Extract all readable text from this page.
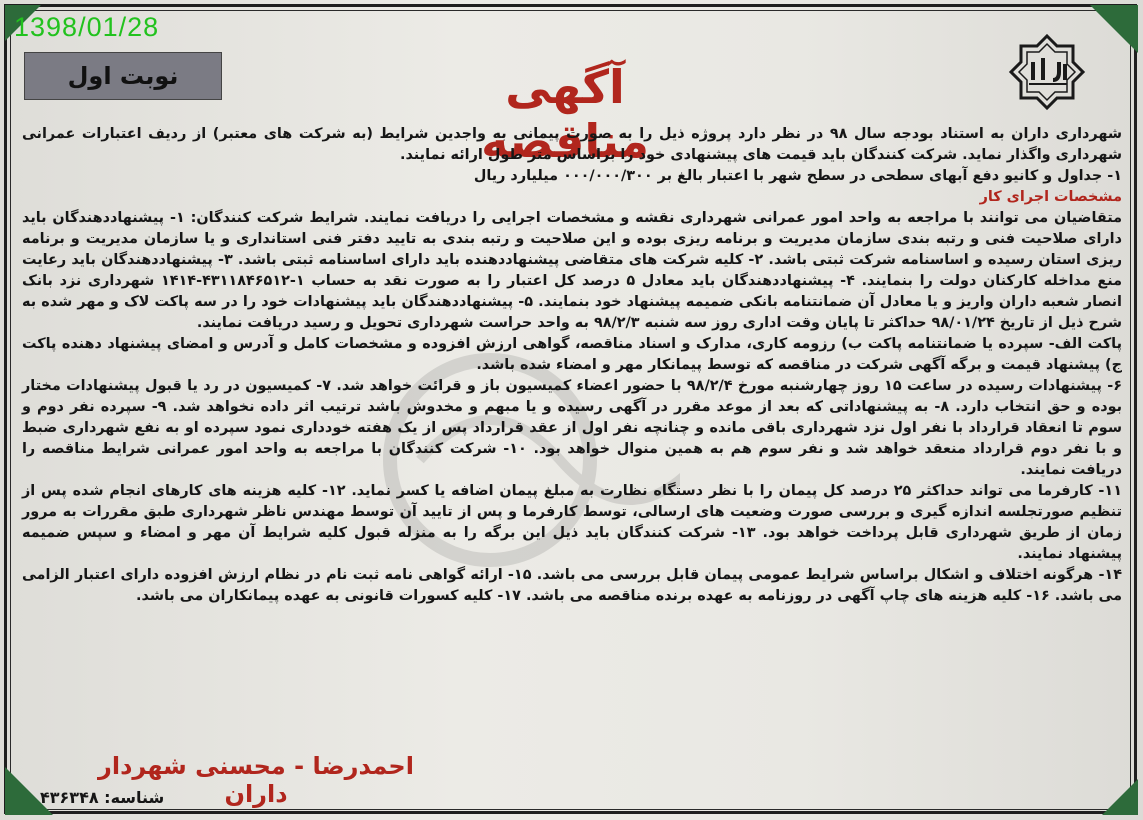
1398/01/28
نوبت اول	آگهی مناقصه

شهرداری داران به استناد بودجه سال ۹۸ در نظر دارد پروژه ذیل را به صورت پیمانی به واجدین شرایط (به شرکت های معتبر) از ردیف اعتبارات عمرانی شهرداری واگذار نماید. شرکت کنندگان باید قیمت های پیشنهادی خود را براساس متر طول ارائه نمایند.

۱- جداول و کانیو دفع آبهای سطحی در سطح شهر با اعتبار بالغ بر ۰۰۰/۰۰۰/۳۰۰ میلیارد ریال

مشخصات اجرای کار

متقاضیان می توانند با مراجعه به واحد امور عمرانی شهرداری نقشه و مشخصات اجرایی را دریافت نمایند. شرایط شرکت کنندگان: ۱- پیشنهاددهندگان باید دارای صلاحیت فنی و رتبه بندی سازمان مدیریت و برنامه ریزی بوده و این صلاحیت و رتبه بندی به تایید دفتر فنی استانداری و یا سازمان مدیریت و برنامه ریزی استان رسیده و اساسنامه شرکت ثبتی باشد. ۲- کلیه شرکت های متقاضی پیشنهاددهنده باید دارای اساسنامه ثبتی باشد. ۳- پیشنهاددهندگان باید رعایت منع مداخله کارکنان دولت را بنمایند. ۴- پیشنهاددهندگان باید معادل ۵ درصد کل اعتبار را به صورت نقد به حساب ۱-۴۳۱۱۸۴۶۵۱۲-۱۴۱۴ شهرداری نزد بانک انصار شعبه داران واریز و یا معادل آن ضمانتنامه بانکی ضمیمه پیشنهاد خود بنمایند. ۵- پیشنهاددهندگان باید پیشنهادات خود را در سه پاکت لاک و مهر شده به شرح ذیل از تاریخ ۹۸/۰۱/۲۴ حداکثر تا پایان وقت اداری روز سه شنبه ۹۸/۲/۳ به واحد حراست شهرداری تحویل و رسید دریافت نمایند.

پاکت الف- سپرده یا ضمانتنامه پاکت ب) رزومه کاری، مدارک و اسناد مناقصه، گواهی ارزش افزوده و مشخصات کامل و آدرس و امضای پیشنهاد دهنده پاکت ج) پیشنهاد قیمت و برگه آگهی شرکت در مناقصه که توسط پیمانکار مهر و امضاء شده باشد.

۶- پیشنهادات رسیده در ساعت ۱۵ روز چهارشنبه مورخ ۹۸/۲/۴ با حضور اعضاء کمیسیون باز و قرائت خواهد شد. ۷- کمیسیون در رد یا قبول پیشنهادات مختار بوده و حق انتخاب دارد. ۸- به پیشنهاداتی که بعد از موعد مقرر در آگهی رسیده و یا مبهم و مخدوش باشد ترتیب اثر داده نخواهد شد. ۹- سپرده نفر دوم و سوم تا انعقاد قرارداد با نفر اول نزد شهرداری باقی مانده و چنانچه نفر اول از عقد قرارداد پس از یک هفته خودداری نمود سپرده او به نفع شهرداری ضبط و با نفر دوم قرارداد منعقد خواهد شد و نفر سوم هم به همین منوال خواهد بود. ۱۰- شرکت کنندگان با مراجعه به واحد امور عمرانی شرایط مناقصه را دریافت نمایند.

۱۱- کارفرما می تواند حداکثر ۲۵ درصد کل پیمان را با نظر دستگاه نظارت به مبلغ پیمان اضافه یا کسر نماید. ۱۲- کلیه هزینه های کارهای انجام شده پس از تنظیم صورتجلسه اندازه گیری و بررسی صورت وضعیت های ارسالی، توسط کارفرما و پس از تایید آن توسط مهندس ناظر شهرداری طبق مقررات به مرور زمان از طریق شهرداری قابل پرداخت خواهد بود. ۱۳- شرکت کنندگان باید ذیل این برگه را به منزله قبول کلیه شرایط آن مهر و امضاء و سپس ضمیمه پیشنهاد نمایند.

۱۴- هرگونه اختلاف و اشکال براساس شرایط عمومی پیمان قابل بررسی می باشد. ۱۵- ارائه گواهی نامه ثبت نام در نظام ارزش افزوده دارای اعتبار الزامی می باشد. ۱۶- کلیه هزینه های چاپ آگهی در روزنامه به عهده برنده مناقصه می باشد. ۱۷- کلیه کسورات قانونی به عهده پیمانکاران می باشد.

احمدرضا - محسنی شهردار داران
شناسه: ۴۳۶۳۴۸
